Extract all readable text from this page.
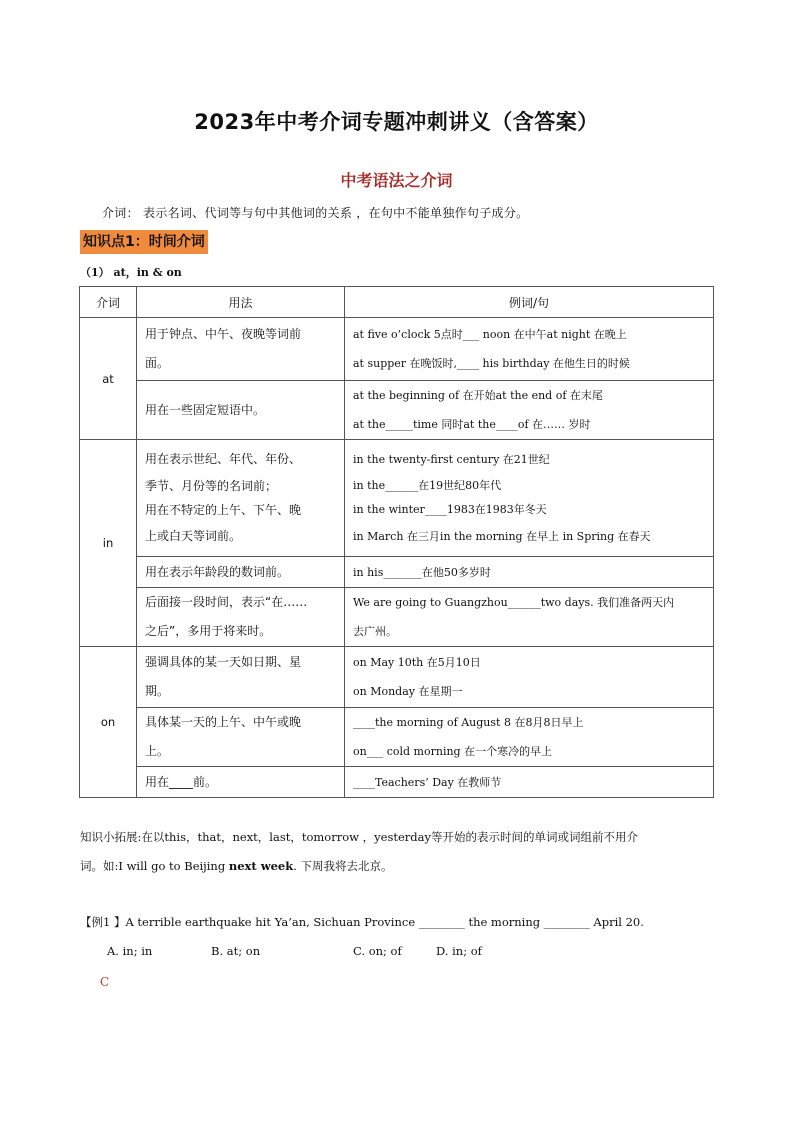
2023年中考介词专题冲刺讲义（含答案）
中考语法之介词
介词： 表示名词、代词等与句中其他词的关系 ，在句中不能单独作句子成分。
知识点1：时间介词
（1） at，in & on
介词	用法	例词/句
at	用于钟点、中午、夜晚等词前
面。	at five o’clock 5点时___ noon 在中午at night 在晚上
at supper 在晚饭时,____ his birthday 在他生日的时候

	用在一些固定短语中。	at the beginning of 在开始at the end of 在末尾
at the_____time 同时at the____of 在…… 岁时

in	用在表示世纪、年代、年份、
季节、月份等的名词前；
用在不特定的上午、下午、晚
上或白天等词前。	in the twenty-first century 在21世纪
in the______在19世纪80年代
in the winter____1983在1983年冬天
in March 在三月in the morning 在早上 in Spring 在春天

	用在表示年龄段的数词前。	in his_______在他50多岁时

	后面接一段时间，表示“在……
之后”，多用于将来时。	We are going to Guangzhou______two days. 我们准备两天内
去广州。

on	强调具体的某一天如日期、星
期。	on May 10th 在5月10日
on Monday 在星期一

	具体某一天的上午、中午或晚
上。	____the morning of August 8 在8月8日早上
on___ cold morning 在一个寒冷的早上

	用在____前。	____Teachers’ Day 在教师节
知识小拓展:在以this，that，next，last，tomorrow ，yesterday等开始的表示时间的单词或词组前不用介
词。如:I will go to Beijing next week. 下周我将去北京。
【例1 】A terrible earthquake hit Ya’an, Sichuan Province ________ the morning ________ April 20.
A. in; in	B. at; on	C. on; of	D. in; of
C
